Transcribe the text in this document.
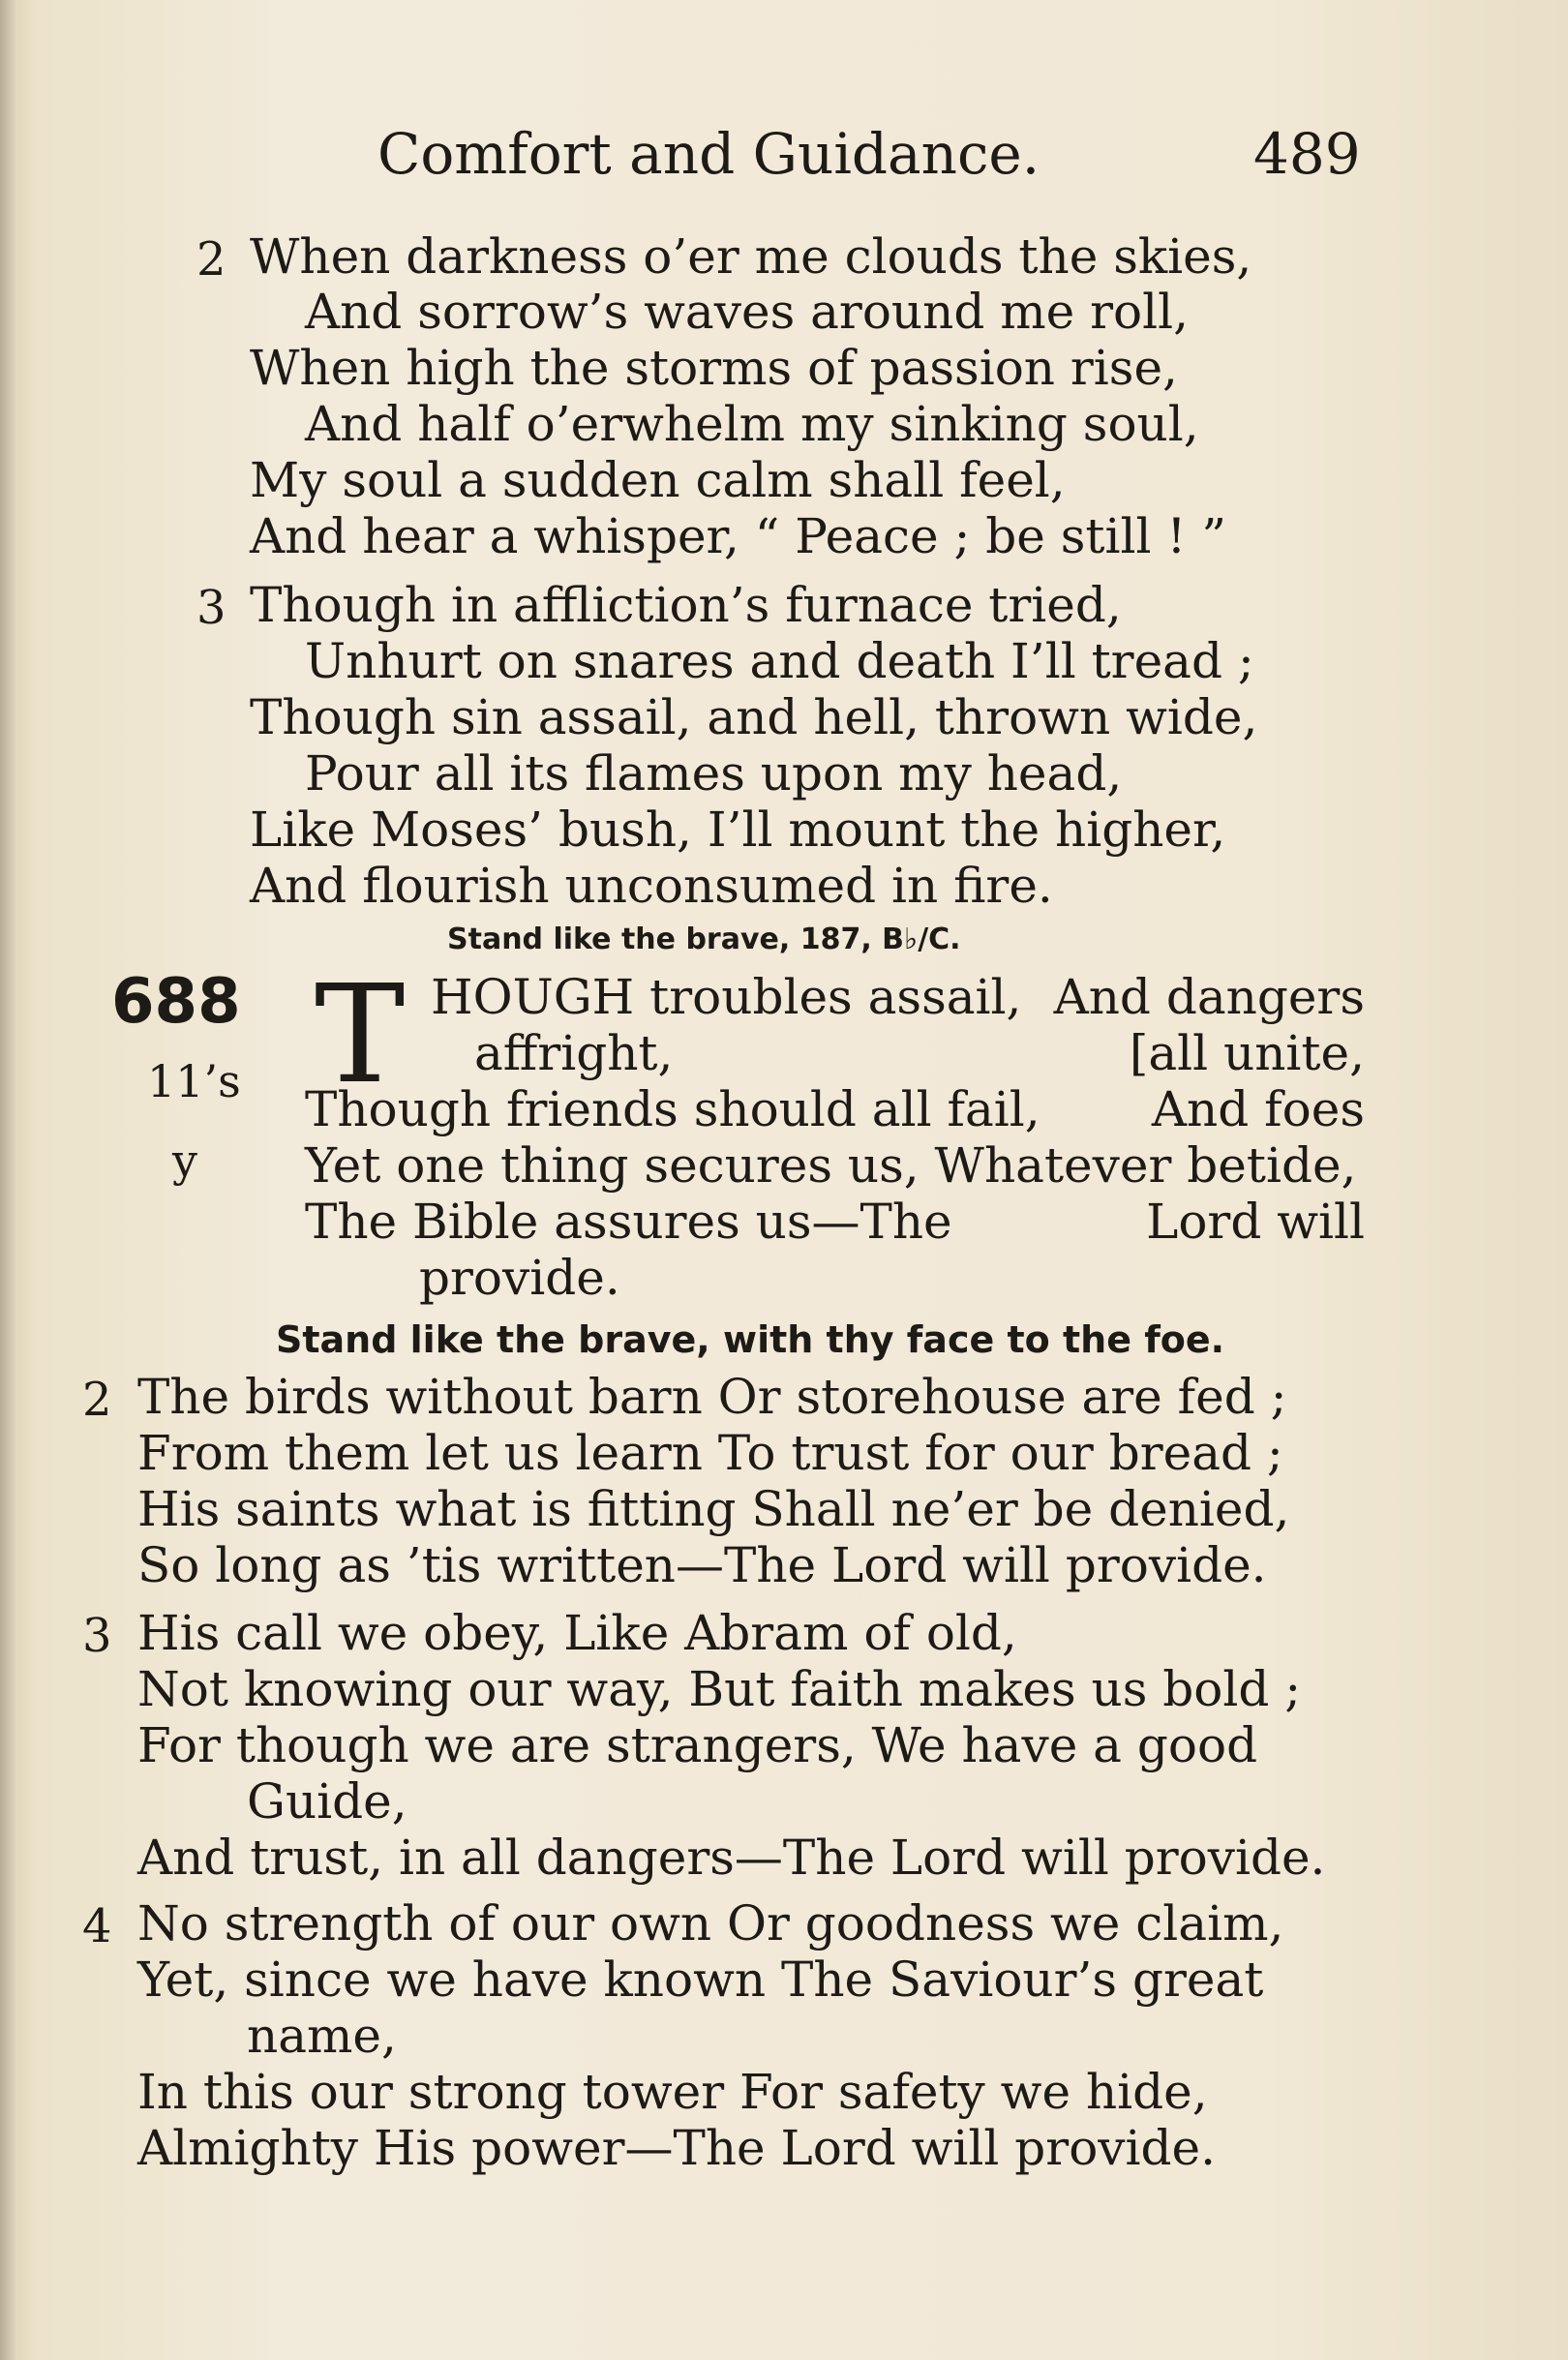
Comfort and Guidance.	489
2 When darkness o’er me clouds the skies,
And sorrow’s waves around me roll,
When high the storms of passion rise,
And half o’erwhelm my sinking soul,
My soul a sudden calm shall feel,
And hear a whisper, “ Peace ; be still ! ”
3 Though in affliction’s furnace tried,
Unhurt on snares and death I’ll tread ;
Though sin assail, and hell, thrown wide,
Pour all its flames upon my head,
Like Moses’ bush, I’ll mount the higher,
And flourish unconsumed in fire.
Stand like the brave, 187, B♭/C.
688
11’s
y
T HOUGH troubles assail, And dangers
affright,	[all unite,
Though friends should all fail, And foes
Yet one thing secures us, Whatever betide,
The Bible assures us—The	Lord will
provide.
Stand like the brave, with thy face to the foe.
2 The birds without barn Or storehouse are fed ;
From them let us learn To trust for our bread ;
His saints what is fitting Shall ne’er be denied,
So long as ’tis written—The Lord will provide.
3 His call we obey, Like Abram of old,
Not knowing our way, But faith makes us bold ;
For though we are strangers, We have a good
Guide,
And trust, in all dangers—The Lord will provide.
4 No strength of our own Or goodness we claim,
Yet, since we have known The Saviour’s great
name,
In this our strong tower For safety we hide,
Almighty His power—The Lord will provide.
